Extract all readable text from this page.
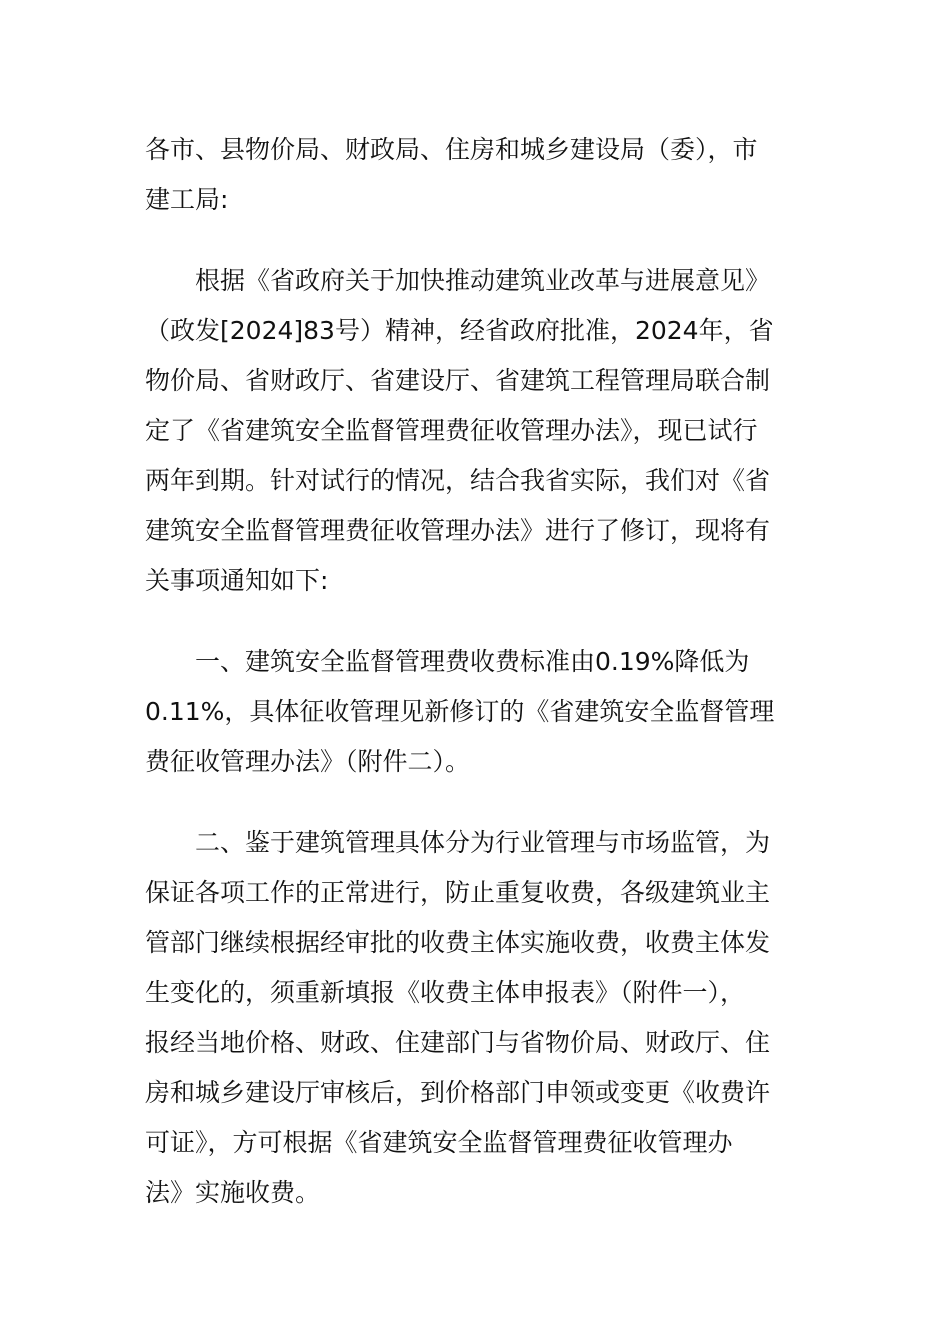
各市、县物价局、财政局、住房和城乡建设局（委），市
建工局:
根据《省政府关于加快推动建筑业改革与进展意见》
（政发[2024]83号）精神，经省政府批准，2024年，省
物价局、省财政厅、省建设厅、省建筑工程管理局联合制
定了《省建筑安全监督管理费征收管理办法》，现已试行
两年到期。针对试行的情况，结合我省实际，我们对《省
建筑安全监督管理费征收管理办法》进行了修订，现将有
关事项通知如下:
一、建筑安全监督管理费收费标准由0.19%降低为
0.11%，具体征收管理见新修订的《省建筑安全监督管理
费征收管理办法》（附件二）。
二、鉴于建筑管理具体分为行业管理与市场监管，为
保证各项工作的正常进行，防止重复收费，各级建筑业主
管部门继续根据经审批的收费主体实施收费，收费主体发
生变化的，须重新填报《收费主体申报表》（附件一），
报经当地价格、财政、住建部门与省物价局、财政厅、住
房和城乡建设厅审核后，到价格部门申领或变更《收费许
可证》，方可根据《省建筑安全监督管理费征收管理办
法》实施收费。
